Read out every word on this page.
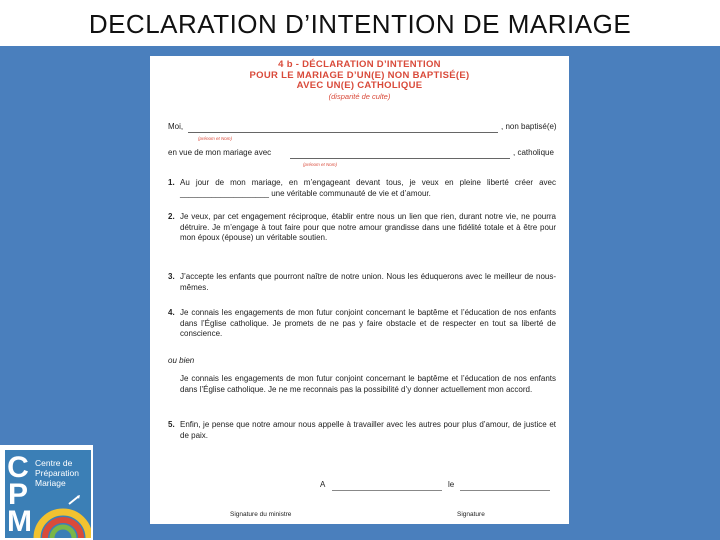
DECLARATION D’INTENTION DE MARIAGE
4 b - DÉCLARATION D’INTENTION
POUR LE MARIAGE D’UN(E) NON BAPTISÉ(E)
AVEC UN(E) CATHOLIQUE
(disparité de culte)
Moi,
(prénom et Nom)
, non baptisé(e)
en vue de mon mariage avec
(prénom et Nom)
, catholique
1. Au jour de mon mariage, en m’engageant devant tous, je veux en pleine liberté créer avec ____________________ une véritable communauté de vie et d’amour.
2. Je veux, par cet engagement réciproque, établir entre nous un lien que rien, durant notre vie, ne pourra détruire. Je m’engage à tout faire pour que notre amour grandisse dans une fidélité totale et à être pour mon époux (épouse) un véritable soutien.
3. J’accepte les enfants que pourront naître de notre union. Nous les éduquerons avec le meilleur de nous-mêmes.
4. Je connais les engagements de mon futur conjoint concernant le baptême et l’éducation de nos enfants dans l’Église catholique. Je promets de ne pas y faire obstacle et de respecter en tout sa liberté de conscience.
ou bien
Je connais les engagements de mon futur conjoint concernant le baptême et l’éducation de nos enfants dans l’Église catholique. Je ne me reconnais pas la possibilité d’y donner actuellement mon accord.
5. Enfin, je pense que notre amour nous appelle à travailler avec les autres pour plus d’amour, de justice et de paix.
A	le
Signature du ministre	Signature
C
P
M
Centre de
Préparation
Mariage
